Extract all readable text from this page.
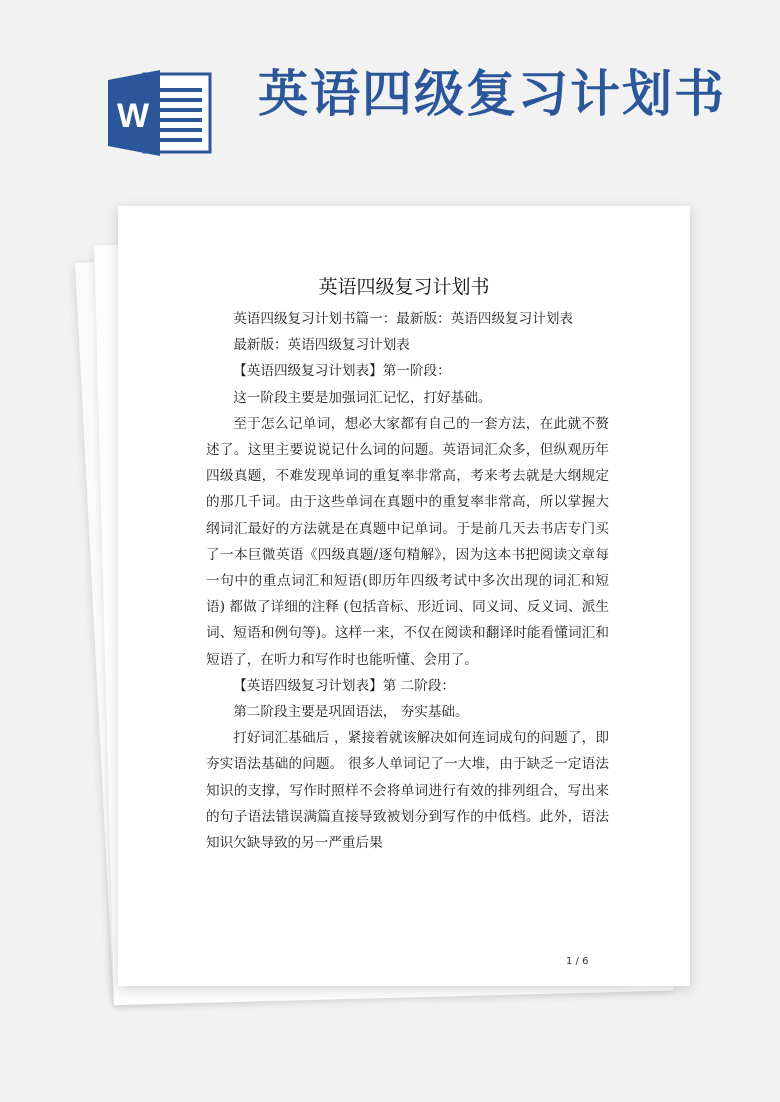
W 英语四级复习计划书
英语四级复习计划书

英语四级复习计划书篇一：最新版：英语四级复习计划表

最新版：英语四级复习计划表

【英语四级复习计划表】第一阶段：

这一阶段主要是加强词汇记忆，打好基础。

至于怎么记单词，想必大家都有自己的一套方法，在此就不赘述了。这里主要说说记什么词的问题。英语词汇众多，但纵观历年四级真题，不难发现单词的重复率非常高，考来考去就是大纲规定的那几千词。由于这些单词在真题中的重复率非常高，所以掌握大纲词汇最好的方法就是在真题中记单词。于是前几天去书店专门买了一本巨微英语《四级真题/逐句精解》，因为这本书把阅读文章每一句中的重点词汇和短语(即历年四级考试中多次出现的词汇和短语) 都做了详细的注释 (包括音标、形近词、同义词、反义词、派生词、短语和例句等)。这样一来，不仅在阅读和翻译时能看懂词汇和短语了，在听力和写作时也能听懂、会用了。

【英语四级复习计划表】第 二阶段：

第二阶段主要是巩固语法， 夯实基础。

打好词汇基础后 ，紧接着就该解决如何连词成句的问题了，即夯实语法基础的问题。 很多人单词记了一大堆，由于缺乏一定语法知识的支撑，写作时照样不会将单词进行有效的排列组合，写出来的句子语法错误满篇直接导致被划分到写作的中低档。此外，语法知识欠缺导致的另一严重后果

1 / 6
